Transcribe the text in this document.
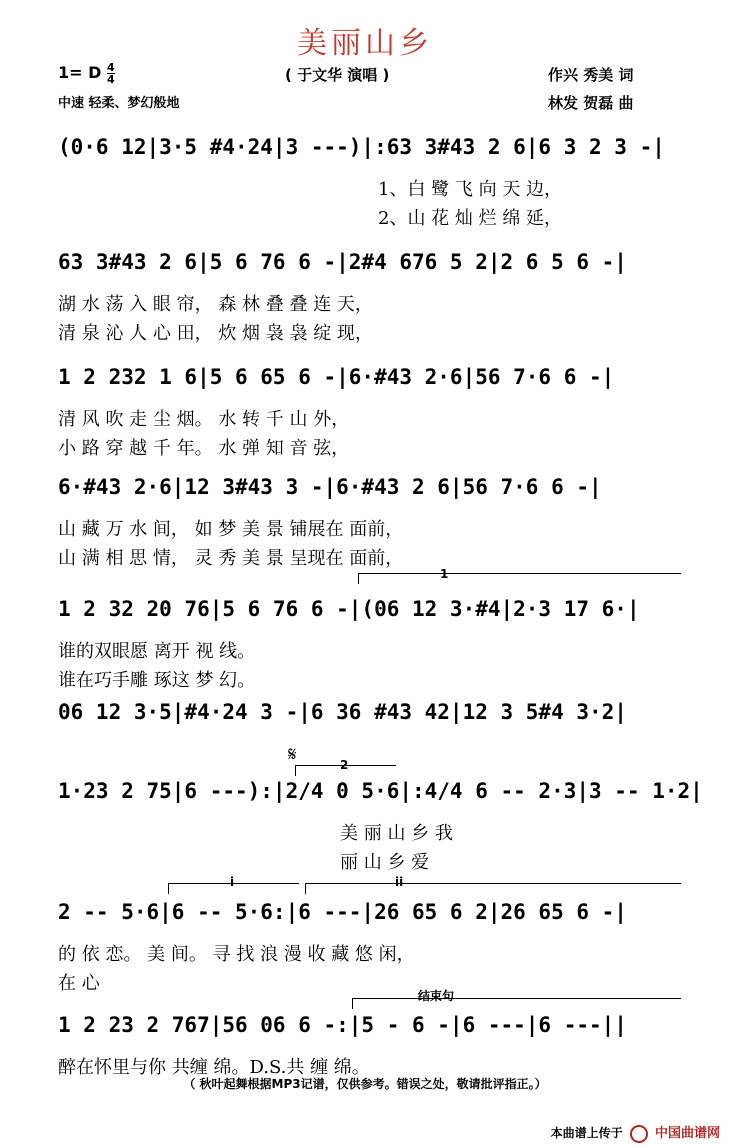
美丽山乡
1= D $\frac{4}{4}$
中速 轻柔、梦幻般地
( 于文华 演唱 )	作兴 秀美 词
林发 贺磊 曲
(0·6 12|3·5 #4·24|3 ---)|:63 3#43 2 6|6 3 2 3 -|
1、白 鹭 飞 向 天 边，
2、山 花 灿 烂 绵 延，
63 3#43 2 6|5 6 76 6 -|2#4 676 5 2|2 6 5 6 -|
湖 水 荡 入 眼 帘， 森 林 叠 叠 连 天，
清 泉 沁 人 心 田， 炊 烟 袅 袅 绽 现，
1 2 232 1 6|5 6 65 6 -|6·#43 2·6|56 7·6 6 -|
清 风 吹 走 尘 烟。 水 转 千 山 外，
小 路 穿 越 千 年。 水 弹 知 音 弦，
6·#43 2·6|12 3#43 3 -|6·#43 2 6|56 7·6 6 -|
山 藏 万 水 间， 如 梦 美 景 铺展在 面前，
山 满 相 思 情， 灵 秀 美 景 呈现在 面前，
1 2 32 20 76|5 6 76 6 -|(06 12 3·#4|2·3 17 6·|
谁的双眼愿 离开 视 线。
谁在巧手雕 琢这 梦 幻。
06 12 3·5|#4·24 3 -|6 36 #43 42|12 3 5#4 3·2|
1·23 2 75|6 ---):|2/4 0 5·6|:4/4 6 -- 2·3|3 -- 1·2|
美 丽 山 乡 我
丽 山 乡 爱
2 -- 5·6|6 -- 5·6:|6 ---|26 65 6 2|26 65 6 -|
的 依 恋。 美 间。 寻 找 浪 漫 收 藏 悠 闲，
在 心
1 2 23 2 767|56 06 6 -:|5 - 6 -|6 ---|6 ---||
醉在怀里与你 共缠 绵。D.S.共 缠 绵。
1
𝄋	2
i	ii
结束句
（ 秋叶起舞根据MP3记谱，仅供参考。错误之处，敬请批评指正。）
本曲谱上传于 中国曲谱网
